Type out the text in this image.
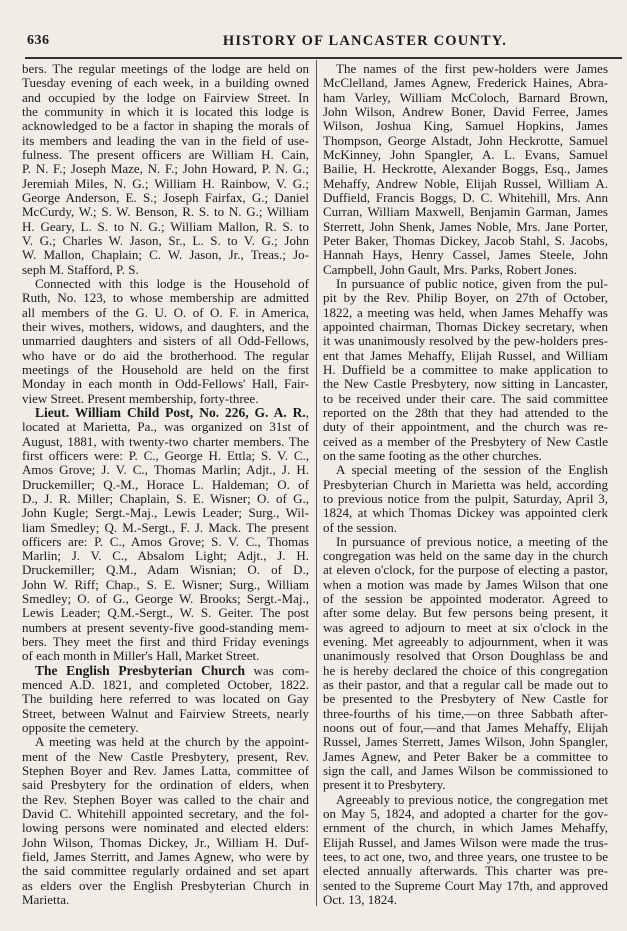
636	HISTORY OF LANCASTER COUNTY.
bers. The regular meetings of the lodge are held on
Tuesday evening of each week, in a building owned
and occupied by the lodge on Fairview Street. In
the community in which it is located this lodge is
acknowledged to be a factor in shaping the morals of
its members and leading the van in the field of use-
fulness. The present officers are William H. Cain,
P. N. F.; Joseph Maze, N. F.; John Howard, P. N. G.;
Jeremiah Miles, N. G.; William H. Rainbow, V. G.;
George Anderson, E. S.; Joseph Fairfax, G.; Daniel
McCurdy, W.; S. W. Benson, R. S. to N. G.; William
H. Geary, L. S. to N. G.; William Mallon, R. S. to
V. G.; Charles W. Jason, Sr., L. S. to V. G.; John
W. Mallon, Chaplain; C. W. Jason, Jr., Treas.; Jo-
seph M. Stafford, P. S.
Connected with this lodge is the Household of
Ruth, No. 123, to whose membership are admitted
all members of the G. U. O. of O. F. in America,
their wives, mothers, widows, and daughters, and the
unmarried daughters and sisters of all Odd-Fellows,
who have or do aid the brotherhood. The regular
meetings of the Household are held on the first
Monday in each month in Odd-Fellows' Hall, Fair-
view Street. Present membership, forty-three.
Lieut. William Child Post, No. 226, G. A. R.,
located at Marietta, Pa., was organized on 31st of
August, 1881, with twenty-two charter members. The
first officers were: P. C., George H. Ettla; S. V. C.,
Amos Grove; J. V. C., Thomas Marlin; Adjt., J. H.
Druckemiller; Q.-M., Horace L. Haldeman; O. of
D., J. R. Miller; Chaplain, S. E. Wisner; O. of G.,
John Kugle; Sergt.-Maj., Lewis Leader; Surg., Wil-
liam Smedley; Q. M.-Sergt., F. J. Mack. The present
officers are: P. C., Amos Grove; S. V. C., Thomas
Marlin; J. V. C., Absalom Light; Adjt., J. H.
Druckemiller; Q.M., Adam Wisnian; O. of D.,
John W. Riff; Chap., S. E. Wisner; Surg., William
Smedley; O. of G., George W. Brooks; Sergt.-Maj.,
Lewis Leader; Q.M.-Sergt., W. S. Geiter. The post
numbers at present seventy-five good-standing mem-
bers. They meet the first and third Friday evenings
of each month in Miller's Hall, Market Street.
The English Presbyterian Church was com-
menced A.D. 1821, and completed October, 1822.
The building here referred to was located on Gay
Street, between Walnut and Fairview Streets, nearly
opposite the cemetery.
A meeting was held at the church by the appoint-
ment of the New Castle Presbytery, present, Rev.
Stephen Boyer and Rev. James Latta, committee of
said Presbytery for the ordination of elders, when
the Rev. Stephen Boyer was called to the chair and
David C. Whitehill appointed secretary, and the fol-
lowing persons were nominated and elected elders:
John Wilson, Thomas Dickey, Jr., William H. Duf-
field, James Sterritt, and James Agnew, who were by
the said committee regularly ordained and set apart
as elders over the English Presbyterian Church in
Marietta.
The names of the first pew-holders were James
McClelland, James Agnew, Frederick Haines, Abra-
ham Varley, William McColoch, Barnard Brown,
John Wilson, Andrew Boner, David Ferree, James
Wilson, Joshua King, Samuel Hopkins, James
Thompson, George Alstadt, John Heckrotte, Samuel
McKinney, John Spangler, A. L. Evans, Samuel
Bailie, H. Heckrotte, Alexander Boggs, Esq., James
Mehaffy, Andrew Noble, Elijah Russel, William A.
Duffield, Francis Boggs, D. C. Whitehill, Mrs. Ann
Curran, William Maxwell, Benjamin Garman, James
Sterrett, John Shenk, James Noble, Mrs. Jane Porter,
Peter Baker, Thomas Dickey, Jacob Stahl, S. Jacobs,
Hannah Hays, Henry Cassel, James Steele, John
Campbell, John Gault, Mrs. Parks, Robert Jones.
In pursuance of public notice, given from the pul-
pit by the Rev. Philip Boyer, on 27th of October,
1822, a meeting was held, when James Mehaffy was
appointed chairman, Thomas Dickey secretary, when
it was unanimously resolved by the pew-holders pres-
ent that James Mehaffy, Elijah Russel, and William
H. Duffield be a committee to make application to
the New Castle Presbytery, now sitting in Lancaster,
to be received under their care. The said committee
reported on the 28th that they had attended to the
duty of their appointment, and the church was re-
ceived as a member of the Presbytery of New Castle
on the same footing as the other churches.
A special meeting of the session of the English
Presbyterian Church in Marietta was held, according
to previous notice from the pulpit, Saturday, April 3,
1824, at which Thomas Dickey was appointed clerk
of the session.
In pursuance of previous notice, a meeting of the
congregation was held on the same day in the church
at eleven o'clock, for the purpose of electing a pastor,
when a motion was made by James Wilson that one
of the session be appointed moderator. Agreed to
after some delay. But few persons being present, it
was agreed to adjourn to meet at six o'clock in the
evening. Met agreeably to adjournment, when it was
unanimously resolved that Orson Doughlass be and
he is hereby declared the choice of this congregation
as their pastor, and that a regular call be made out to
be presented to the Presbytery of New Castle for
three-fourths of his time,—on three Sabbath after-
noons out of four,—and that James Mehaffy, Elijah
Russel, James Sterrett, James Wilson, John Spangler,
James Agnew, and Peter Baker be a committee to
sign the call, and James Wilson be commissioned to
present it to Presbytery.
Agreeably to previous notice, the congregation met
on May 5, 1824, and adopted a charter for the gov-
ernment of the church, in which James Mehaffy,
Elijah Russel, and James Wilson were made the trus-
tees, to act one, two, and three years, one trustee to be
elected annually afterwards. This charter was pre-
sented to the Supreme Court May 17th, and approved
Oct. 13, 1824.
